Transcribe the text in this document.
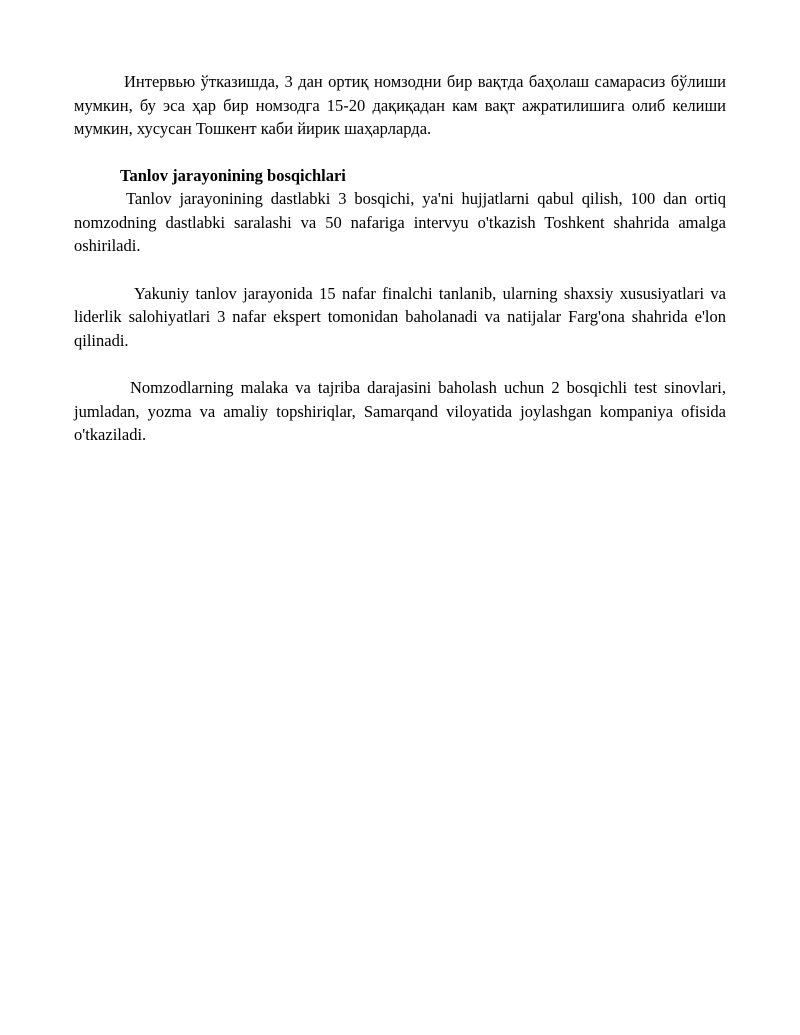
Интервью ўтказишда, 3 дан ортиқ номзодни бир вақтда баҳолаш самарасиз бўлиши мумкин, бу эса ҳар бир номзодга 15-20 дақиқадан кам вақт ажратилишига олиб келиши мумкин, хусусан Тошкент каби йирик шаҳарларда.

Tanlov jarayonining bosqichlari

Tanlov jarayonining dastlabki 3 bosqichi, ya'ni hujjatlarni qabul qilish, 100 dan ortiq nomzodning dastlabki saralashi va 50 nafariga intervyu o'tkazish Toshkent shahrida amalga oshiriladi.

Yakuniy tanlov jarayonida 15 nafar finalchi tanlanib, ularning shaxsiy xususiyatlari va liderlik salohiyatlari 3 nafar ekspert tomonidan baholanadi va natijalar Farg'ona shahrida e'lon qilinadi.

Nomzodlarning malaka va tajriba darajasini baholash uchun 2 bosqichli test sinovlari, jumladan, yozma va amaliy topshiriqlar, Samarqand viloyatida joylashgan kompaniya ofisida o'tkaziladi.
